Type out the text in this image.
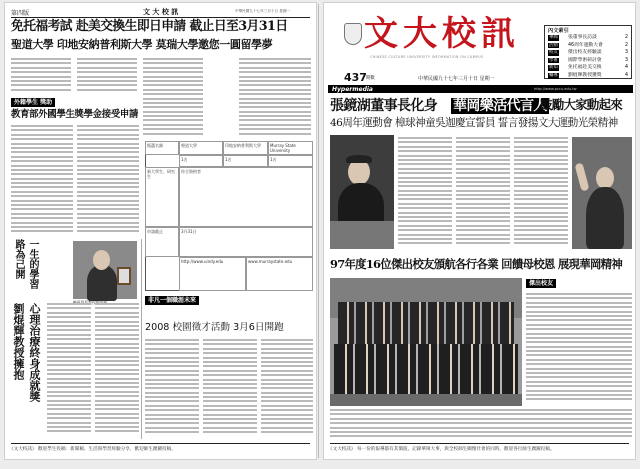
第四版	文 大 校 訊	中華民國九十七年三月十日 星期一
免托福考試 赴美交換生即日申請 截止日至3月31日
聖道大學 印地安納普利斯大學 莫瑞大學邀您一圓留學夢
外籍學生 獎助
教育部外國學生獎學金接受申請
甄選名額	聖道大學	印地安納普利斯大學	Murray State University
1名	1名	1名
新大學生、研究生
符合資格者
申請截止	3月31日
http://www.uindy.edu	www.murraystate.edu
路為己開 一生的學習
劉焜輝教授擁抱 心理治療終身成就獎
非凡一個職涯未來
2008 校園徵才活動 3月6日開跑
《文大校訊》 歡迎學生投稿：新聞稿、生活與學習經驗分享，歡迎師生踴躍投稿。
文大校訊
CHINESE CULTURE UNIVERSITY INFORMATION ON CAMPUS
內文索引
華岡 張董事長訪談	2
活動 46周年運動大會	2
校友 傑出校友經驗談	3
學術 國際學術研討會	3
新知 免托福赴美交換	4
輔導 劉焜輝教授獲獎	4
437 期數	中華民國九十七年三月十日 星期一
Hypermedia	http://www.pccu.edu.tw
張鏡湖董事長化身 華岡樂活代言人
鼓勵大家動起來
46周年運動會 樟球神童吳迦慶宣誓員 誓言發揚文大運動光榮精神
97年度16位傑出校友頒航各行各業 回饋母校恩 展現華岡精神
傑出校友
《文大校訊》 每一份的報導都有其價值，記錄華岡大事，與全校師生關懷社會的同時，歡迎各位師生踴躍投稿。
